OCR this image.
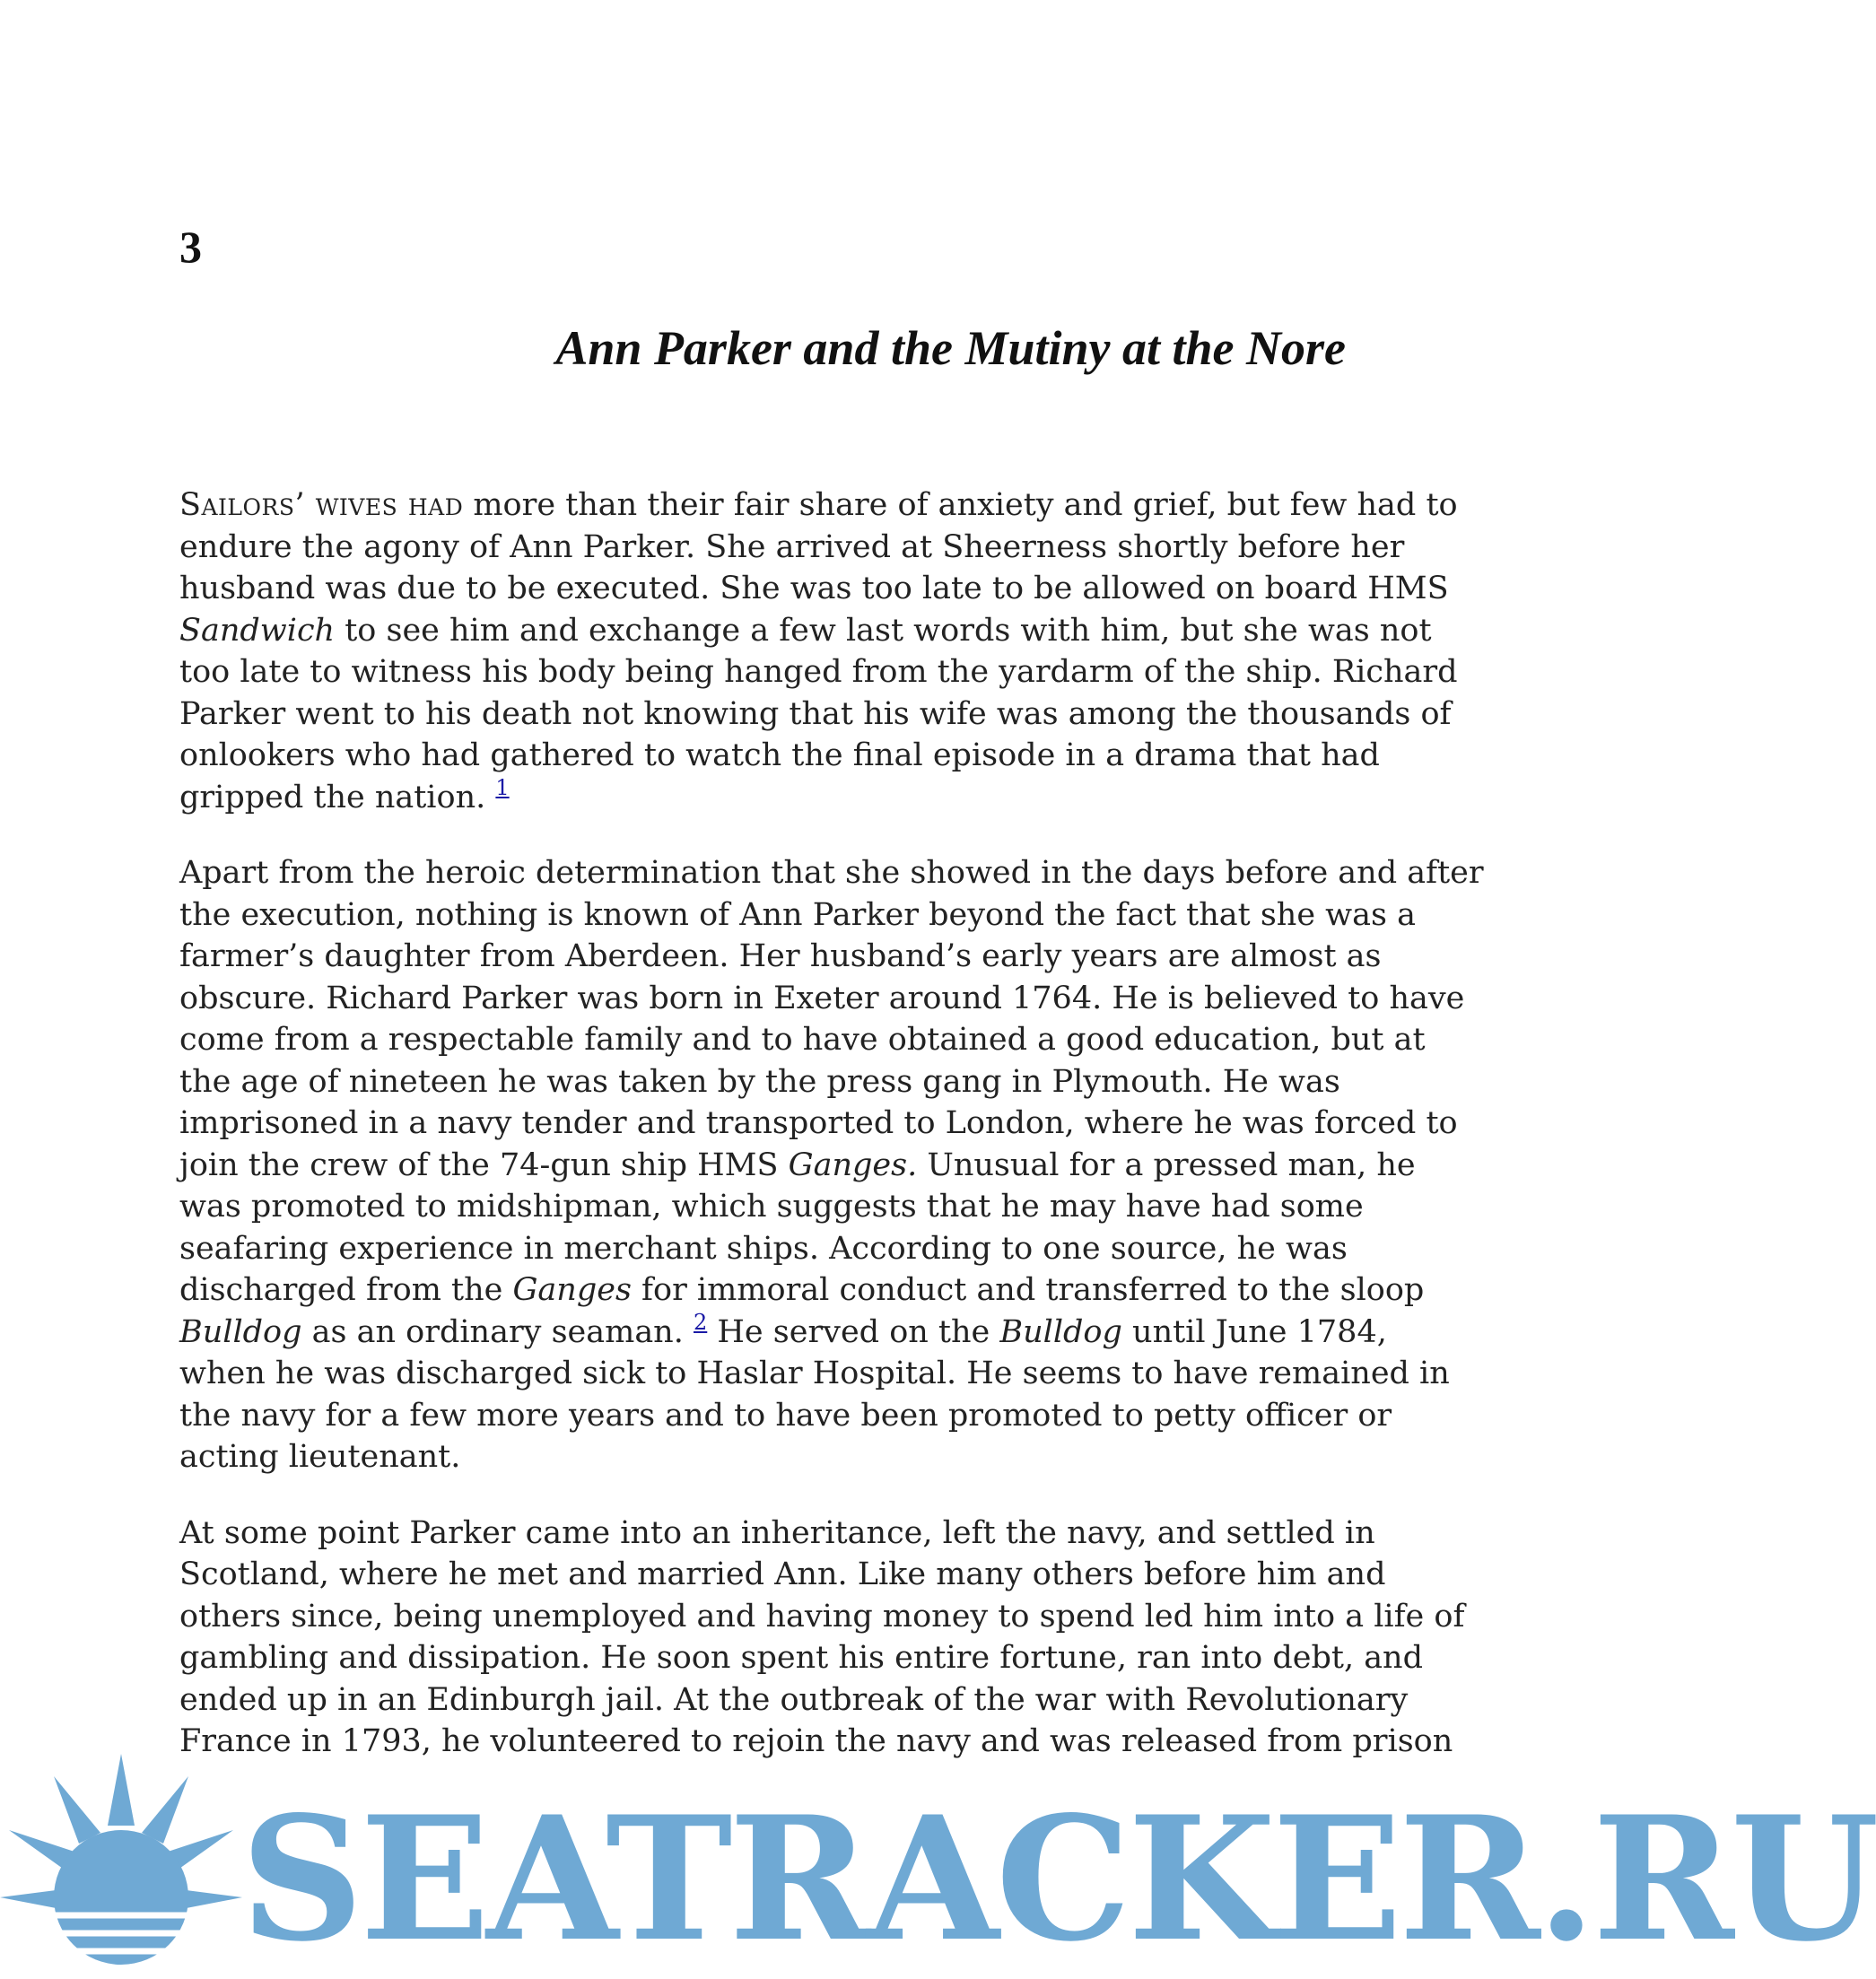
3
Ann Parker and the Mutiny at the Nore

Sailors’ wives had more than their fair share of anxiety and grief, but few had to
endure the agony of Ann Parker. She arrived at Sheerness shortly before her
husband was due to be executed. She was too late to be allowed on board HMS
Sandwich to see him and exchange a few last words with him, but she was not
too late to witness his body being hanged from the yardarm of the ship. Richard
Parker went to his death not knowing that his wife was among the thousands of
onlookers who had gathered to watch the final episode in a drama that had
gripped the nation. $^1$

Apart from the heroic determination that she showed in the days before and after
the execution, nothing is known of Ann Parker beyond the fact that she was a
farmer’s daughter from Aberdeen. Her husband’s early years are almost as
obscure. Richard Parker was born in Exeter around 1764. He is believed to have
come from a respectable family and to have obtained a good education, but at
the age of nineteen he was taken by the press gang in Plymouth. He was
imprisoned in a navy tender and transported to London, where he was forced to
join the crew of the 74-gun ship HMS Ganges. Unusual for a pressed man, he
was promoted to midshipman, which suggests that he may have had some
seafaring experience in merchant ships. According to one source, he was
discharged from the Ganges for immoral conduct and transferred to the sloop
Bulldog as an ordinary seaman. $^2$ He served on the Bulldog until June 1784,
when he was discharged sick to Haslar Hospital. He seems to have remained in
the navy for a few more years and to have been promoted to petty officer or
acting lieutenant.

At some point Parker came into an inheritance, left the navy, and settled in
Scotland, where he met and married Ann. Like many others before him and
others since, being unemployed and having money to spend led him into a life of
gambling and dissipation. He soon spent his entire fortune, ran into debt, and
ended up in an Edinburgh jail. At the outbreak of the war with Revolutionary
France in 1793, he volunteered to rejoin the navy and was released from prison

SEATRACKER.RU
